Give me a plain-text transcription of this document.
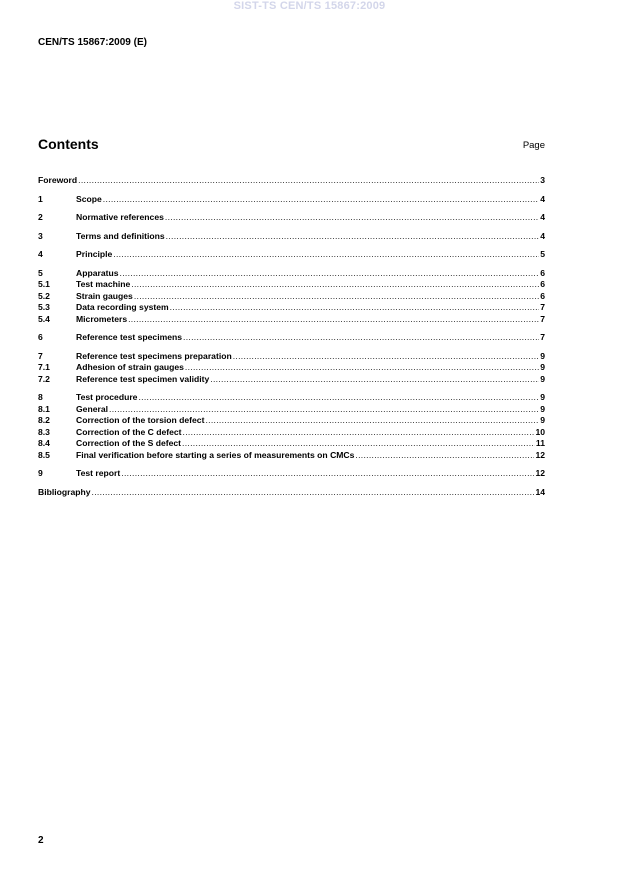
SIST-TS CEN/TS 15867:2009
CEN/TS 15867:2009 (E)
Contents	Page
Foreword .....	3
1	Scope .....	4
2	Normative references .....	4
3	Terms and definitions .....	4
4	Principle .....	5
5	Apparatus .....	6
5.1	Test machine .....	6
5.2	Strain gauges .....	6
5.3	Data recording system .....	7
5.4	Micrometers .....	7
6	Reference test specimens .....	7
7	Reference test specimens preparation .....	9
7.1	Adhesion of strain gauges .....	9
7.2	Reference test specimen validity .....	9
8	Test procedure .....	9
8.1	General .....	9
8.2	Correction of the torsion defect .....	9
8.3	Correction of the C defect .....	10
8.4	Correction of the S defect .....	11
8.5	Final verification before starting a series of measurements on CMCs .....	12
9	Test report .....	12
Bibliography .....	14
2
